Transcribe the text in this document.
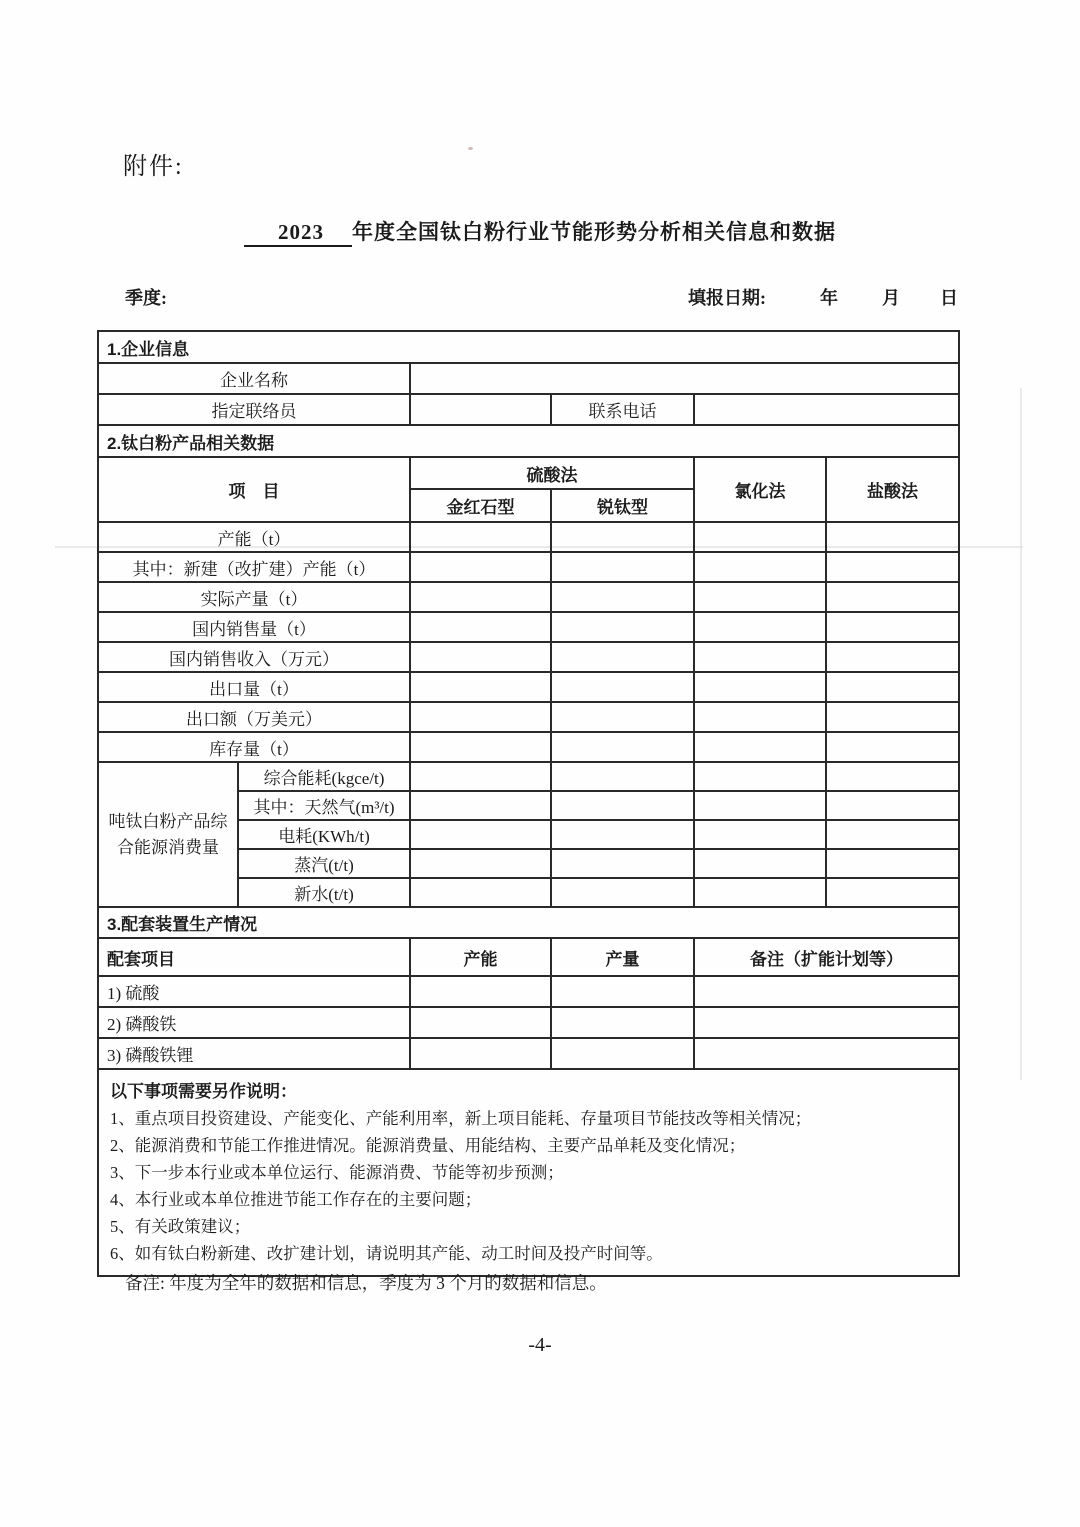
附件:
2023 年度全国钛白粉行业节能形势分析相关信息和数据
季度:	填报日期:	年 月 日
1.企业信息					
企业名称					
指定联络员			联系电话		
2.钛白粉产品相关数据					
项　目		硫酸法		氯化法	盐酸法
		金红石型	锐钛型		
产能（t）					
其中：新建（改扩建）产能（t）					
实际产量（t）					
国内销售量（t）					
国内销售收入（万元）					
出口量（t）					
出口额（万美元）					
库存量（t）					
吨钛白粉产品综合能源消费量	综合能耗(kgce/t)				
	其中：天然气(m³/t)				
	电耗(KWh/t)				
	蒸汽(t/t)				
	新水(t/t)				
3.配套装置生产情况					
配套项目		产能	产量	备注（扩能计划等）	
1) 硫酸					
2) 磷酸铁					
3) 磷酸铁锂					

以下事项需要另作说明：
1、重点项目投资建设、产能变化、产能利用率，新上项目能耗、存量项目节能技改等相关情况；
2、能源消费和节能工作推进情况。能源消费量、用能结构、主要产品单耗及变化情况；
3、下一步本行业或本单位运行、能源消费、节能等初步预测；
4、本行业或本单位推进节能工作存在的主要问题；
5、有关政策建议；
6、如有钛白粉新建、改扩建计划，请说明其产能、动工时间及投产时间等。
备注: 年度为全年的数据和信息，季度为 3 个月的数据和信息。
-4-
